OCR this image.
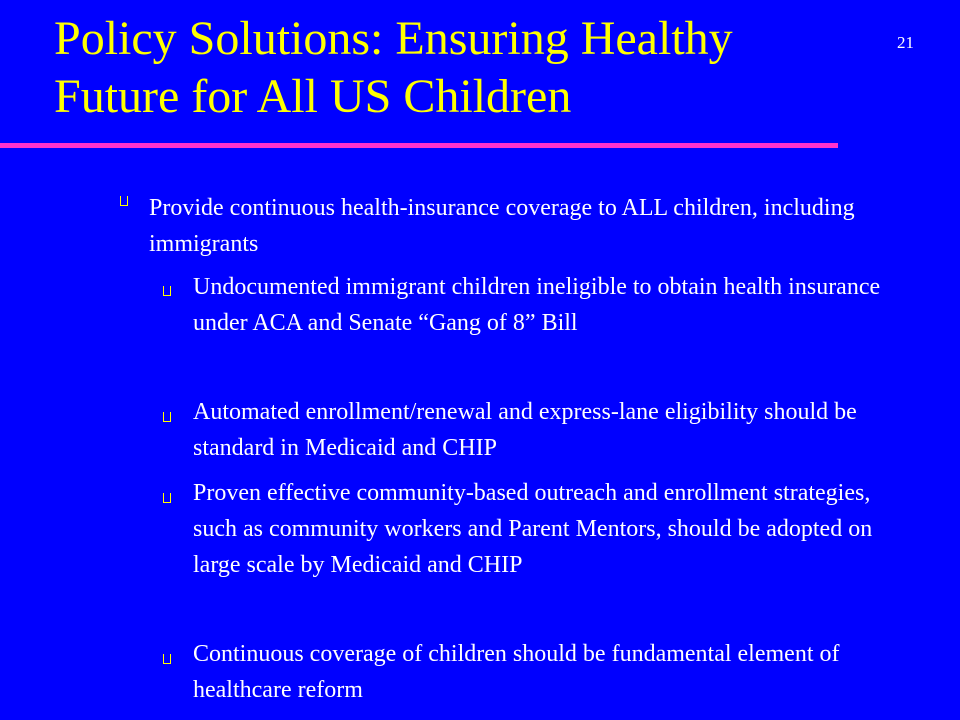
Policy Solutions: Ensuring Healthy Future for All US Children
21

Provide continuous health-insurance coverage to ALL children, including immigrants

Undocumented immigrant children ineligible to obtain health insurance under ACA and Senate “Gang of 8” Bill

Automated enrollment/renewal and express-lane eligibility should be standard in Medicaid and CHIP

Proven effective community-based outreach and enrollment strategies, such as community workers and Parent Mentors, should be adopted on large scale by Medicaid and CHIP

Continuous coverage of children should be fundamental element of healthcare reform
